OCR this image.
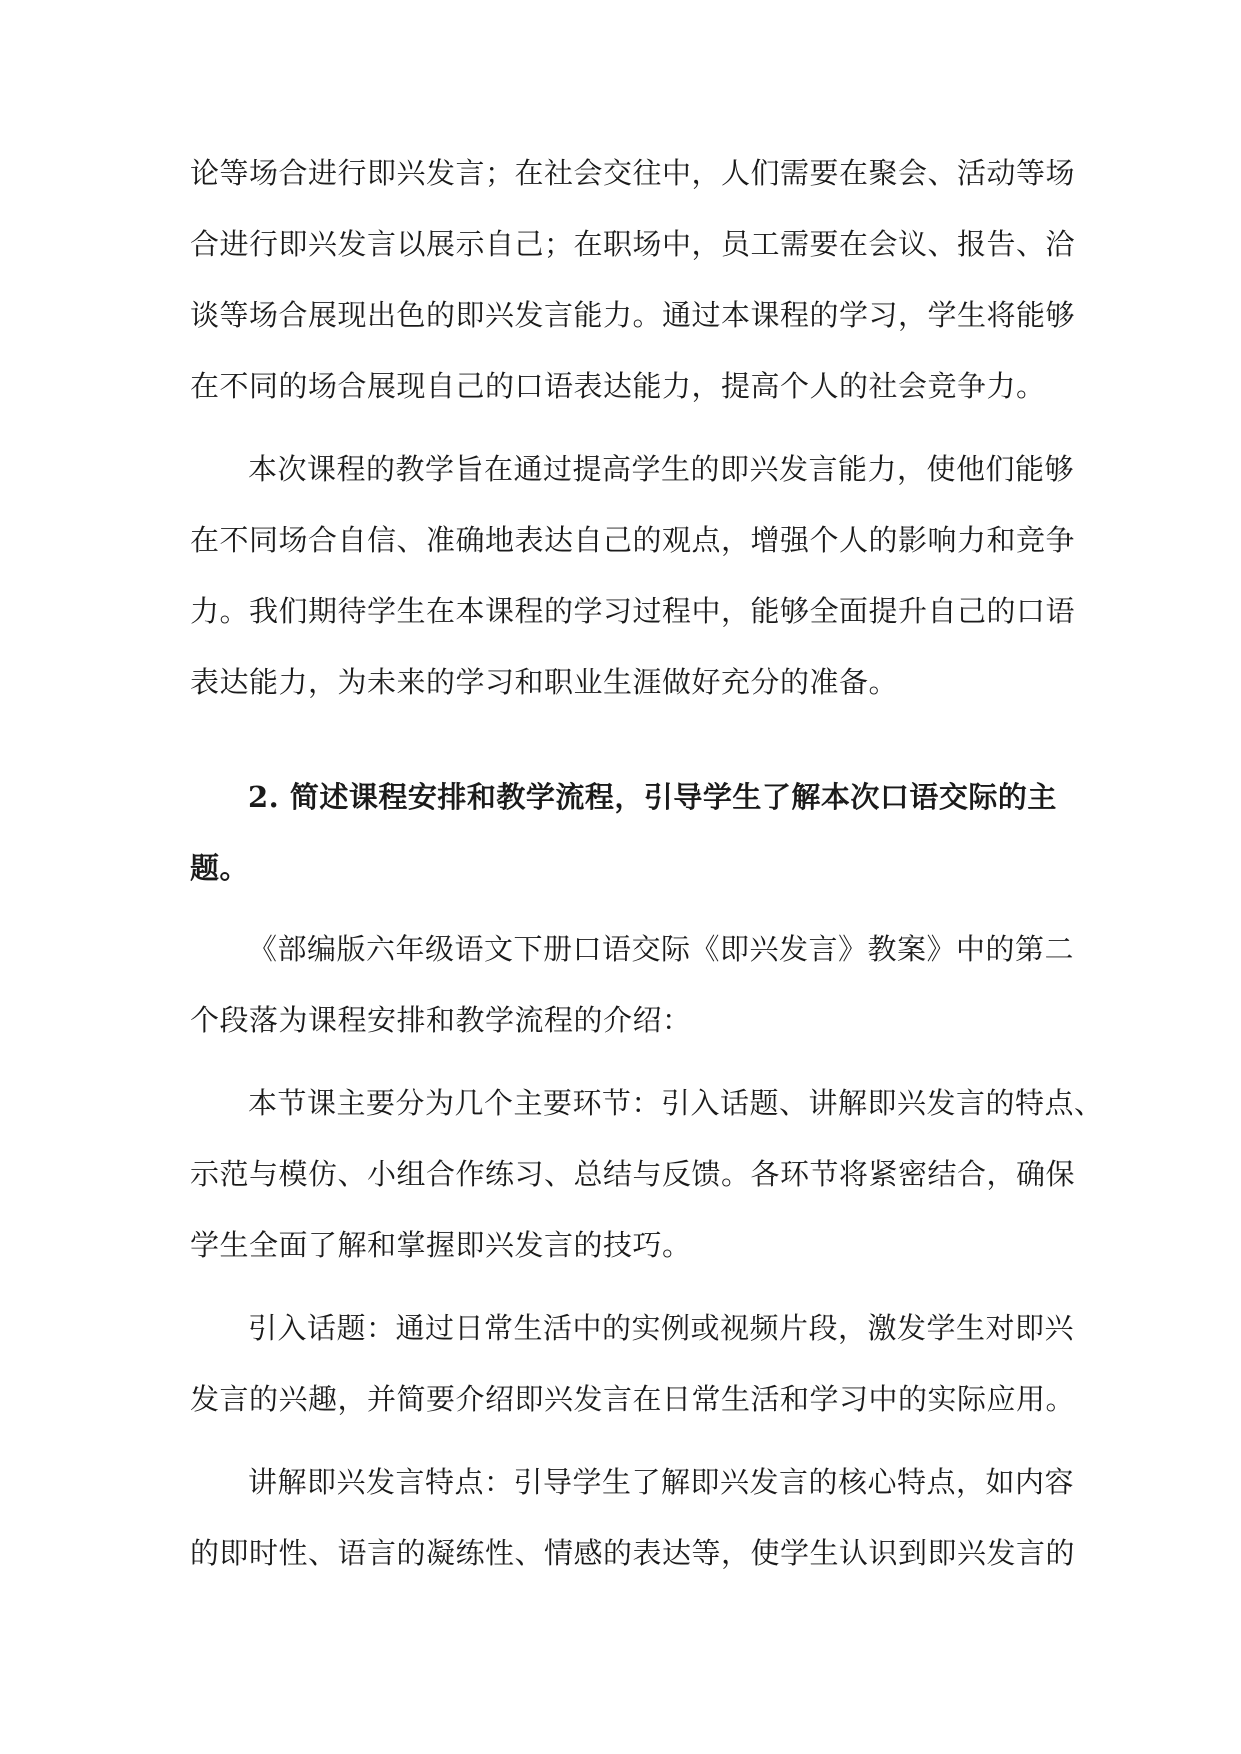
论等场合进行即兴发言；在社会交往中，人们需要在聚会、活动等场
合进行即兴发言以展示自己；在职场中，员工需要在会议、报告、洽
谈等场合展现出色的即兴发言能力。通过本课程的学习，学生将能够
在不同的场合展现自己的口语表达能力，提高个人的社会竞争力。
本次课程的教学旨在通过提高学生的即兴发言能力，使他们能够
在不同场合自信、准确地表达自己的观点，增强个人的影响力和竞争
力。我们期待学生在本课程的学习过程中，能够全面提升自己的口语
表达能力，为未来的学习和职业生涯做好充分的准备。
2. 简述课程安排和教学流程，引导学生了解本次口语交际的主
题。
《部编版六年级语文下册口语交际《即兴发言》教案》中的第二
个段落为课程安排和教学流程的介绍：
本节课主要分为几个主要环节：引入话题、讲解即兴发言的特点、
示范与模仿、小组合作练习、总结与反馈。各环节将紧密结合，确保
学生全面了解和掌握即兴发言的技巧。
引入话题：通过日常生活中的实例或视频片段，激发学生对即兴
发言的兴趣，并简要介绍即兴发言在日常生活和学习中的实际应用。
讲解即兴发言特点：引导学生了解即兴发言的核心特点，如内容
的即时性、语言的凝练性、情感的表达等，使学生认识到即兴发言的
